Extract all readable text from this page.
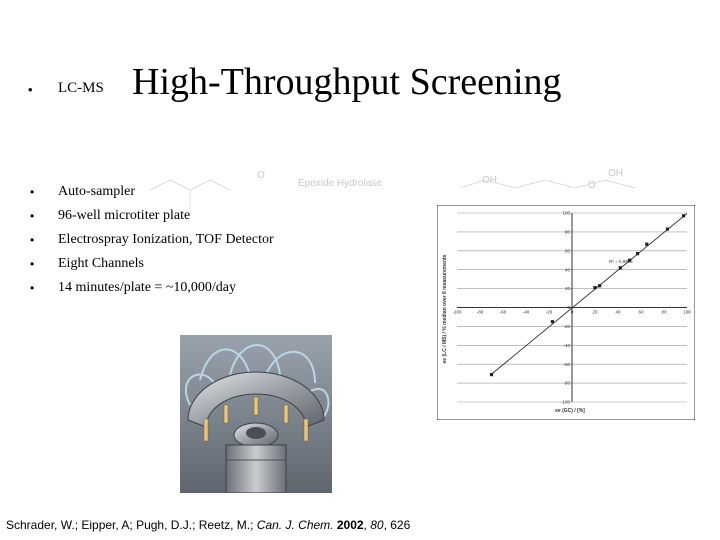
• LC-MS High-Throughput Screening
Epoxide Hydrolase	OH
OH
O
O
• Auto-sampler
• 96-well microtiter plate
• Electrospray Ionization, TOF Detector
• Eight Channels
• 14 minutes/plate = ~10,000/day
-100	-80	-60	-40	-20	0	20	40	60	80	100
-100
-80
-60
-40
-20
0
20
40
60
80
100
R² = 0,9996
ee (GC) / [%]
ee (LC / MS) / % median over 8 measurements
Schrader, W.; Eipper, A; Pugh, D.J.; Reetz, M.; Can. J. Chem. 2002, 80, 626
